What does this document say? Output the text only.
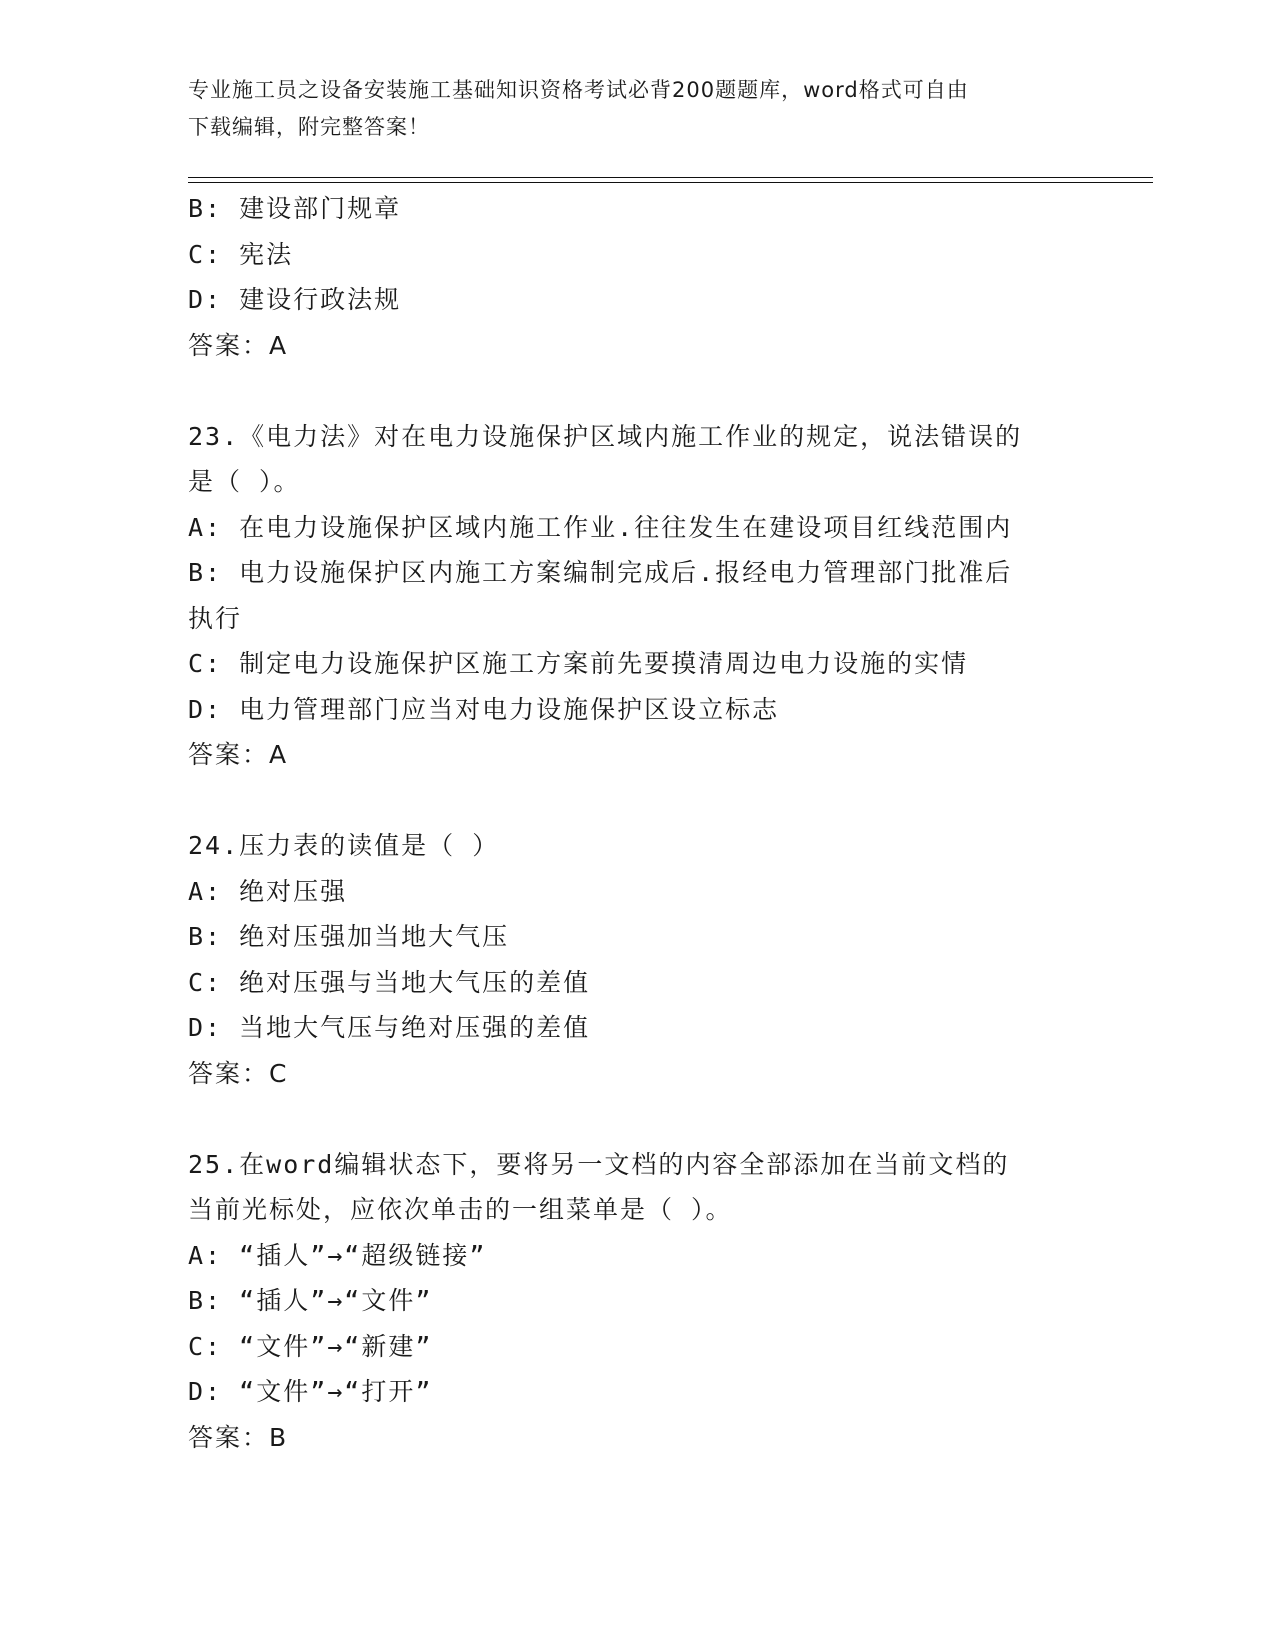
专业施工员之设备安装施工基础知识资格考试必背200题题库，word格式可自由
下载编辑，附完整答案！
B: 建设部门规章
C: 宪法
D: 建设行政法规
答案：A
23.《电力法》对在电力设施保护区域内施工作业的规定，说法错误的
是（ ）。
A: 在电力设施保护区域内施工作业.往往发生在建设项目红线范围内
B: 电力设施保护区内施工方案编制完成后.报经电力管理部门批准后
执行
C: 制定电力设施保护区施工方案前先要摸清周边电力设施的实情
D: 电力管理部门应当对电力设施保护区设立标志
答案：A
24.压力表的读值是（ ）
A: 绝对压强
B: 绝对压强加当地大气压
C: 绝对压强与当地大气压的差值
D: 当地大气压与绝对压强的差值
答案：C
25.在word编辑状态下，要将另一文档的内容全部添加在当前文档的
当前光标处，应依次单击的一组菜单是（ ）。
A: “插人”→“超级链接”
B: “插人”→“文件”
C: “文件”→“新建”
D: “文件”→“打开”
答案：B
